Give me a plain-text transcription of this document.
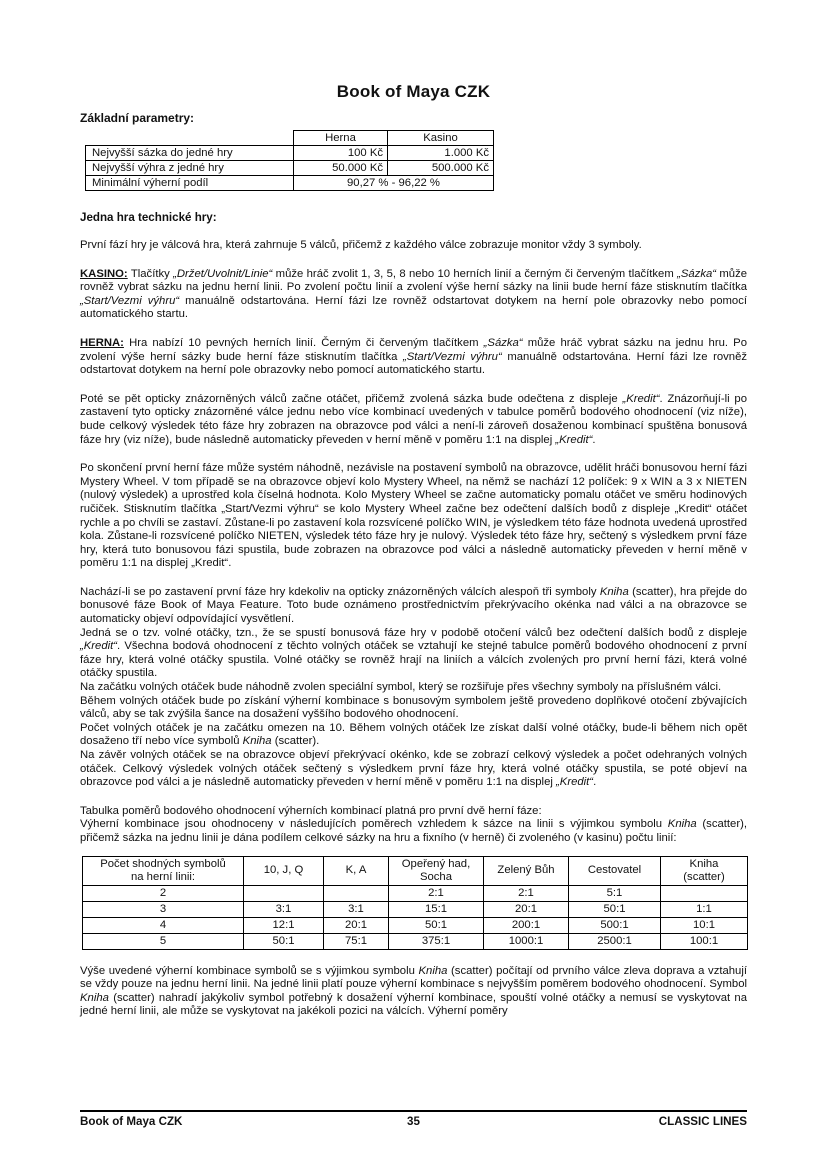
Book of Maya CZK
Základní parametry:
	Herna	Kasino
Nejvyšší sázka do jedné hry	100 Kč	1.000 Kč
Nejvyšší výhra z jedné hry	50.000 Kč	500.000 Kč
Minimální výherní podíl	90,27 % - 96,22 %	
Jedna hra technické hry:

První fází hry je válcová hra, která zahrnuje 5 válců, přičemž z každého válce zobrazuje monitor vždy 3 symboly.

KASINO: Tlačítky „Držet/Uvolnit/Linie“ může hráč zvolit 1, 3, 5, 8 nebo 10 herních linií a černým či červeným tlačítkem „Sázka“ může rovněž vybrat sázku na jednu herní linii. Po zvolení počtu linií a zvolení výše herní sázky na linii bude herní fáze stisknutím tlačítka „Start/Vezmi výhru“ manuálně odstartována. Herní fázi lze rovněž odstartovat dotykem na herní pole obrazovky nebo pomocí automatického startu.

HERNA: Hra nabízí 10 pevných herních linií. Černým či červeným tlačítkem „Sázka“ může hráč vybrat sázku na jednu hru. Po zvolení výše herní sázky bude herní fáze stisknutím tlačítka „Start/Vezmi výhru“ manuálně odstartována. Herní fázi lze rovněž odstartovat dotykem na herní pole obrazovky nebo pomocí automatického startu.

Poté se pět opticky znázorněných válců začne otáčet, přičemž zvolená sázka bude odečtena z displeje „Kredit“. Znázorňují-li po zastavení tyto opticky znázorněné válce jednu nebo více kombinací uvedených v tabulce poměrů bodového ohodnocení (viz níže), bude celkový výsledek této fáze hry zobrazen na obrazovce pod válci a není-li zároveň dosaženou kombinací spuštěna bonusová fáze hry (viz níže), bude následně automaticky převeden v herní měně v poměru 1:1 na displej „Kredit“.

Po skončení první herní fáze může systém náhodně, nezávisle na postavení symbolů na obrazovce, udělit hráči bonusovou herní fázi Mystery Wheel. V tom případě se na obrazovce objeví kolo Mystery Wheel, na němž se nachází 12 políček: 9 x WIN a 3 x NIETEN (nulový výsledek) a uprostřed kola číselná hodnota. Kolo Mystery Wheel se začne automaticky pomalu otáčet ve směru hodinových ručiček. Stisknutím tlačítka „Start/Vezmi výhru“ se kolo Mystery Wheel začne bez odečtení dalších bodů z displeje „Kredit“ otáčet rychle a po chvíli se zastaví. Zůstane-li po zastavení kola rozsvícené políčko WIN, je výsledkem této fáze hodnota uvedená uprostřed kola. Zůstane-li rozsvícené políčko NIETEN, výsledek této fáze hry je nulový. Výsledek této fáze hry, sečtený s výsledkem první fáze hry, která tuto bonusovou fázi spustila, bude zobrazen na obrazovce pod válci a následně automaticky převeden v herní měně v poměru 1:1 na displej „Kredit“.

Nachází-li se po zastavení první fáze hry kdekoliv na opticky znázorněných válcích alespoň tři symboly Kniha (scatter), hra přejde do bonusové fáze Book of Maya Feature. Toto bude oznámeno prostřednictvím překrývacího okénka nad válci a na obrazovce se automaticky objeví odpovídající vysvětlení.

Jedná se o tzv. volné otáčky, tzn., že se spustí bonusová fáze hry v podobě otočení válců bez odečtení dalších bodů z displeje „Kredit“. Všechna bodová ohodnocení z těchto volných otáček se vztahují ke stejné tabulce poměrů bodového ohodnocení z první fáze hry, která volné otáčky spustila. Volné otáčky se rovněž hrají na liniích a válcích zvolených pro první herní fázi, která volné otáčky spustila.

Na začátku volných otáček bude náhodně zvolen speciální symbol, který se rozšiřuje přes všechny symboly na příslušném válci.

Během volných otáček bude po získání výherní kombinace s bonusovým symbolem ještě provedeno doplňkové otočení zbývajících válců, aby se tak zvýšila šance na dosažení vyššího bodového ohodnocení.

Počet volných otáček je na začátku omezen na 10. Během volných otáček lze získat další volné otáčky, bude-li během nich opět dosaženo tří nebo více symbolů Kniha (scatter).

Na závěr volných otáček se na obrazovce objeví překrývací okénko, kde se zobrazí celkový výsledek a počet odehraných volných otáček. Celkový výsledek volných otáček sečtený s výsledkem první fáze hry, která volné otáčky spustila, se poté objeví na obrazovce pod válci a je následně automaticky převeden v herní měně v poměru 1:1 na displej „Kredit“.

Tabulka poměrů bodového ohodnocení výherních kombinací platná pro první dvě herní fáze:

Výherní kombinace jsou ohodnoceny v následujících poměrech vzhledem k sázce na linii s výjimkou symbolu Kniha (scatter), přičemž sázka na jednu linii je dána podílem celkové sázky na hru a fixního (v herně) či zvoleného (v kasinu) počtu linií:

Počet shodných symbolů
na herní linii:	10, J, Q	K, A	Opeřený had,
Socha	Zelený Bůh	Cestovatel	Kniha
(scatter)
2			2:1	2:1	5:1	
3	3:1	3:1	15:1	20:1	50:1	1:1
4	12:1	20:1	50:1	200:1	500:1	10:1
5	50:1	75:1	375:1	1000:1	2500:1	100:1

Výše uvedené výherní kombinace symbolů se s výjimkou symbolu Kniha (scatter) počítají od prvního válce zleva doprava a vztahují se vždy pouze na jednu herní linii. Na jedné linii platí pouze výherní kombinace s nejvyšším poměrem bodového ohodnocení. Symbol Kniha (scatter) nahradí jakýkoliv symbol potřebný k dosažení výherní kombinace, spouští volné otáčky a nemusí se vyskytovat na jedné herní linii, ale může se vyskytovat na jakékoli pozici na válcích. Výherní poměry

Book of Maya CZK	35	CLASSIC LINES
